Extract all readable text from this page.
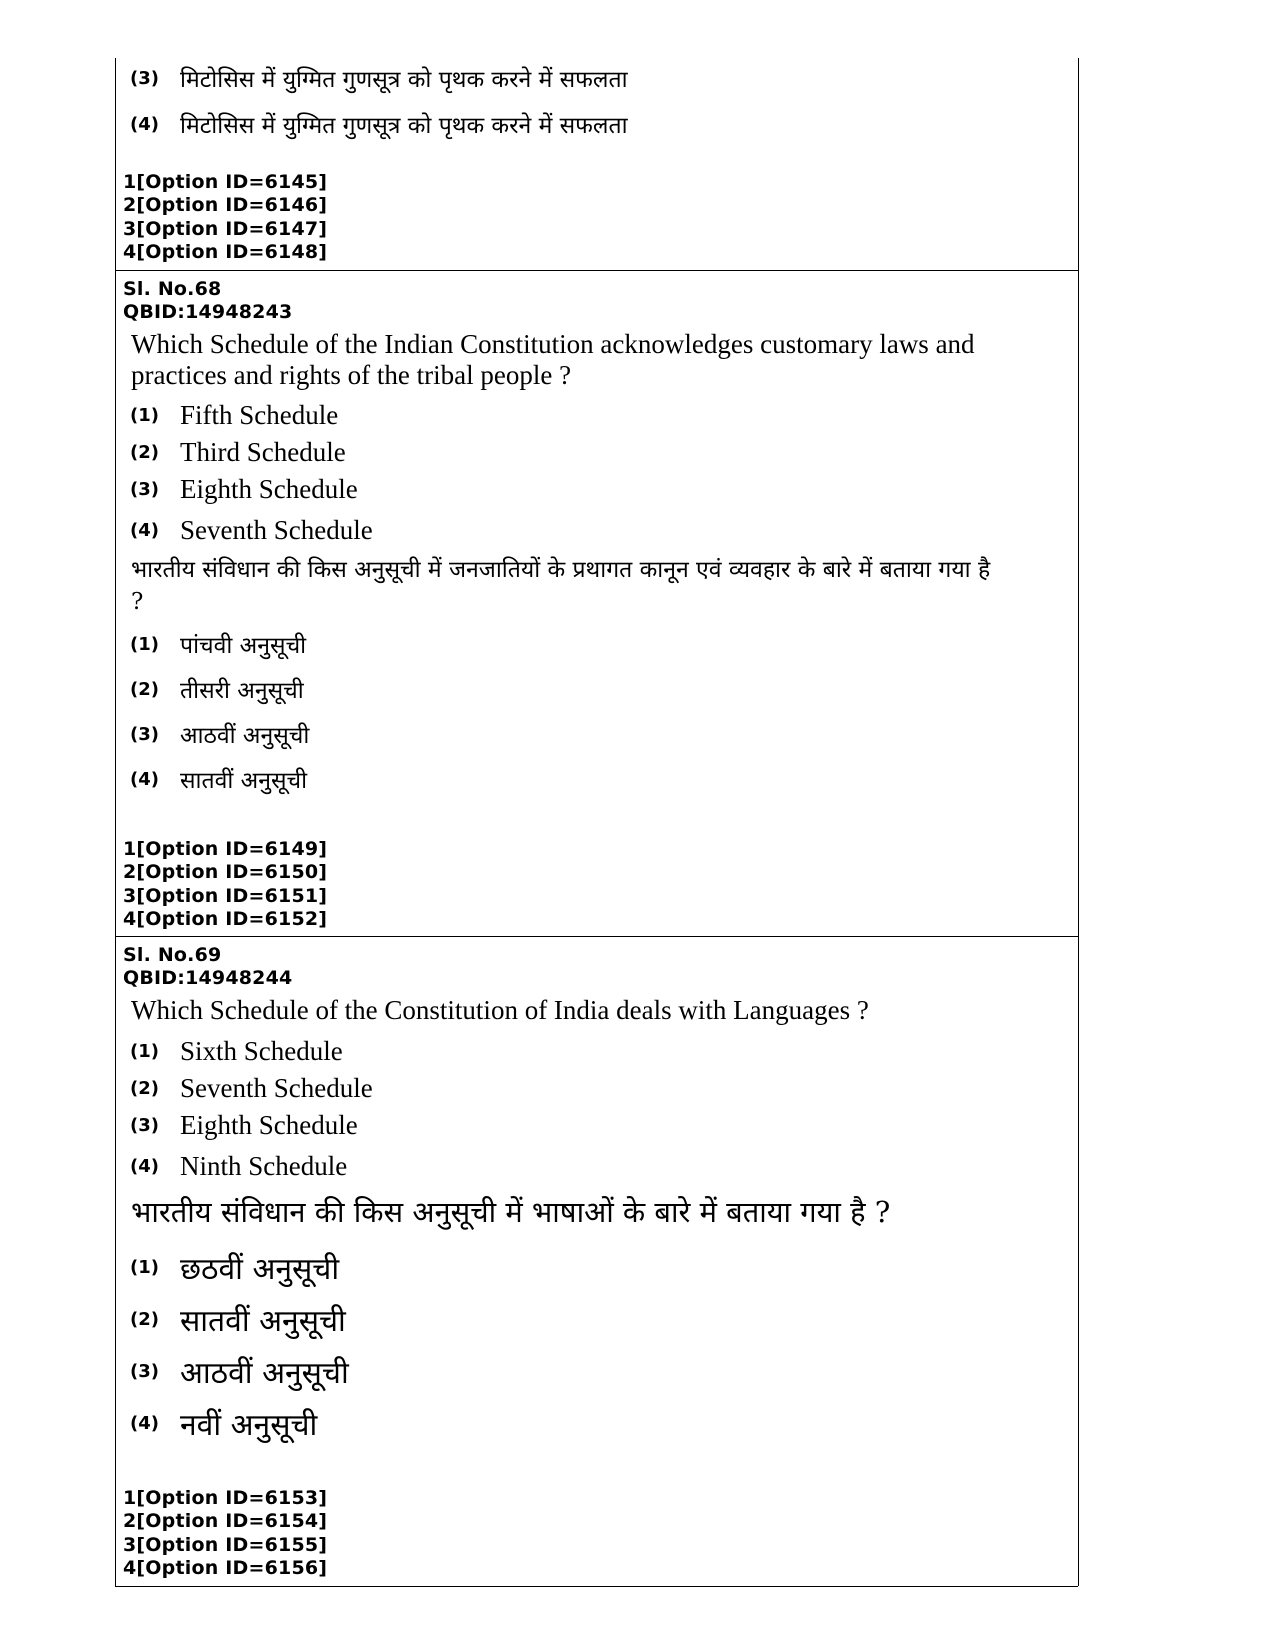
(3) मिटोसिस में युग्मित गुणसूत्र को पृथक करने में सफलता
(4) मिटोसिस में युग्मित गुणसूत्र को पृथक करने में सफलता
1[Option ID=6145]
2[Option ID=6146]
3[Option ID=6147]
4[Option ID=6148]
Sl. No.68
QBID:14948243
Which Schedule of the Indian Constitution acknowledges customary laws and
practices and rights of the tribal people ?
(1) Fifth Schedule
(2) Third Schedule
(3) Eighth Schedule
(4) Seventh Schedule
भारतीय संविधान की किस अनुसूची में जनजातियों के प्रथागत कानून एवं व्यवहार के बारे में बताया गया है
?
(1) पांचवी अनुसूची
(2) तीसरी अनुसूची
(3) आठवीं अनुसूची
(4) सातवीं अनुसूची
1[Option ID=6149]
2[Option ID=6150]
3[Option ID=6151]
4[Option ID=6152]
Sl. No.69
QBID:14948244
Which Schedule of the Constitution of India deals with Languages ?
(1) Sixth Schedule
(2) Seventh Schedule
(3) Eighth Schedule
(4) Ninth Schedule
भारतीय संविधान की किस अनुसूची में भाषाओं के बारे में बताया गया है ?
(1) छठवीं अनुसूची
(2) सातवीं अनुसूची
(3) आठवीं अनुसूची
(4) नवीं अनुसूची
1[Option ID=6153]
2[Option ID=6154]
3[Option ID=6155]
4[Option ID=6156]
